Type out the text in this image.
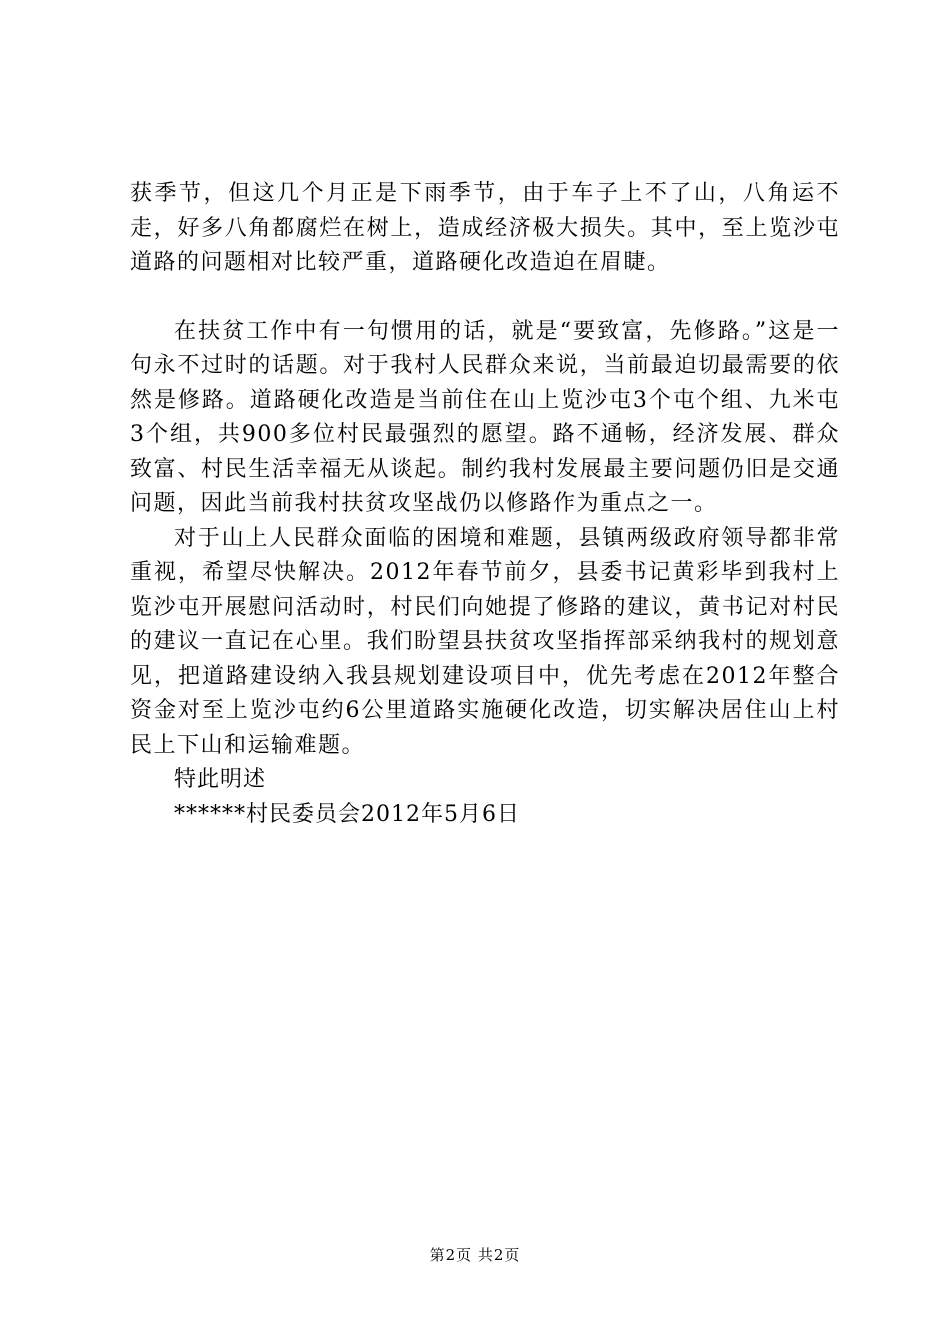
获季节，但这几个月正是下雨季节，由于车子上不了山，八角运不走，好多八角都腐烂在树上，造成经济极大损失。其中，至上览沙屯道路的问题相对比较严重，道路硬化改造迫在眉睫。

在扶贫工作中有一句惯用的话，就是“要致富，先修路。”这是一句永不过时的话题。对于我村人民群众来说，当前最迫切最需要的依然是修路。道路硬化改造是当前住在山上览沙屯3个屯个组、九米屯3个组，共900多位村民最强烈的愿望。路不通畅，经济发展、群众致富、村民生活幸福无从谈起。制约我村发展最主要问题仍旧是交通问题，因此当前我村扶贫攻坚战仍以修路作为重点之一。

对于山上人民群众面临的困境和难题，县镇两级政府领导都非常重视，希望尽快解决。2012年春节前夕，县委书记黄彩毕到我村上览沙屯开展慰问活动时，村民们向她提了修路的建议，黄书记对村民的建议一直记在心里。我们盼望县扶贫攻坚指挥部采纳我村的规划意见，把道路建设纳入我县规划建设项目中，优先考虑在2012年整合资金对至上览沙屯约6公里道路实施硬化改造，切实解决居住山上村民上下山和运输难题。

特此明述

******村民委员会2012年5月6日

第2页 共2页
